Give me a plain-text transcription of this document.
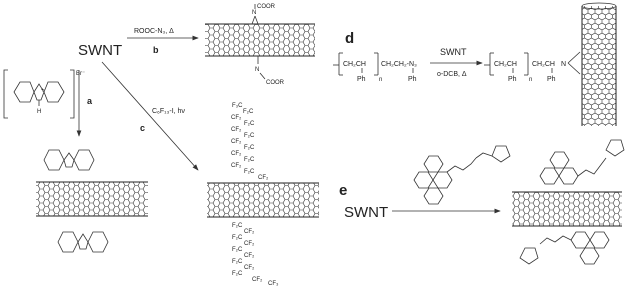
SWNT
ROOC-N₃, Δ
b
N
COOR
N
COOR
Br⁻
+
H
a
C₆F₁₃-I, hν
c
F₃C
F₂C
CF₂
F₂C
CF₂
F₂C
CF₂
F₂C
CF₂
F₂C
CF₂
F₂C
CF₂
F₂C
CF₂
F₂C
CF₂
F₂C
CF₂
F₂C
CF₂
F₂C
CF₂
CF₃
d
CH₂CH CH₂CH₂-N₃
Ph	Ph
n
SWNT
o-DCB, Δ
CH₂CH CH₂CH
Ph	Ph
n
N
e
SWNT
